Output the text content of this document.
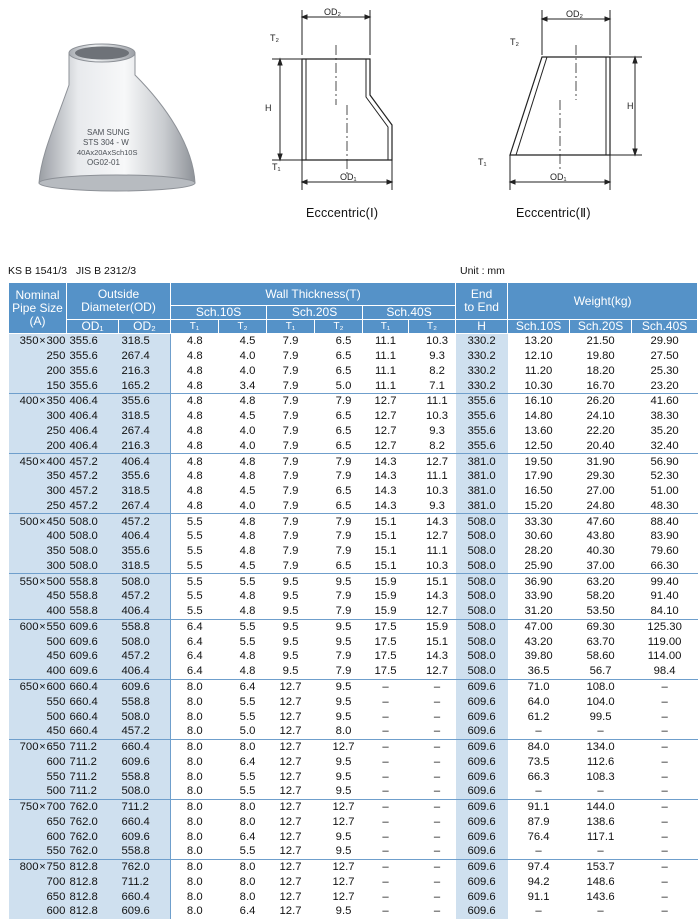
SAM SUNG
STS 304 - W
40Ax20AxSch10S
OG02-01
OD₂
T₂
H
T₁
OD₁
Ecccentric(Ⅰ)
OD₂
T₂
H
T₁
OD₁
Ecccentric(Ⅱ)
KS B 1541/3 JIS B 2312/3	Unit : mm
Nominal
Pipe Size
(A)	Outside
Diameter(OD)		Wall Thickness(T)						End
to End	Weight(kg)		
			Sch.10S		Sch.20S		Sch.40S					
	OD₁	OD₂	T₁	T₂	T₁	T₂	T₁	T₂	H	Sch.10S	Sch.20S	Sch.40S
350×300	355.6	318.5	4.8	4.5	7.9	6.5	11.1	10.3	330.2	13.20	21.50	29.90
250	355.6	267.4	4.8	4.0	7.9	6.5	11.1	9.3	330.2	12.10	19.80	27.50
200	355.6	216.3	4.8	4.0	7.9	6.5	11.1	8.2	330.2	11.20	18.20	25.30
150	355.6	165.2	4.8	3.4	7.9	5.0	11.1	7.1	330.2	10.30	16.70	23.20
400×350	406.4	355.6	4.8	4.8	7.9	7.9	12.7	11.1	355.6	16.10	26.20	41.60
300	406.4	318.5	4.8	4.5	7.9	6.5	12.7	10.3	355.6	14.80	24.10	38.30
250	406.4	267.4	4.8	4.0	7.9	6.5	12.7	9.3	355.6	13.60	22.20	35.20
200	406.4	216.3	4.8	4.0	7.9	6.5	12.7	8.2	355.6	12.50	20.40	32.40
450×400	457.2	406.4	4.8	4.8	7.9	7.9	14.3	12.7	381.0	19.50	31.90	56.90
350	457.2	355.6	4.8	4.8	7.9	7.9	14.3	11.1	381.0	17.90	29.30	52.30
300	457.2	318.5	4.8	4.5	7.9	6.5	14.3	10.3	381.0	16.50	27.00	51.00
250	457.2	267.4	4.8	4.0	7.9	6.5	14.3	9.3	381.0	15.20	24.80	48.30
500×450	508.0	457.2	5.5	4.8	7.9	7.9	15.1	14.3	508.0	33.30	47.60	88.40
400	508.0	406.4	5.5	4.8	7.9	7.9	15.1	12.7	508.0	30.60	43.80	83.90
350	508.0	355.6	5.5	4.8	7.9	7.9	15.1	11.1	508.0	28.20	40.30	79.60
300	508.0	318.5	5.5	4.5	7.9	6.5	15.1	10.3	508.0	25.90	37.00	66.30
550×500	558.8	508.0	5.5	5.5	9.5	9.5	15.9	15.1	508.0	36.90	63.20	99.40
450	558.8	457.2	5.5	4.8	9.5	7.9	15.9	14.3	508.0	33.90	58.20	91.40
400	558.8	406.4	5.5	4.8	9.5	7.9	15.9	12.7	508.0	31.20	53.50	84.10
600×550	609.6	558.8	6.4	5.5	9.5	9.5	17.5	15.9	508.0	47.00	69.30	125.30
500	609.6	508.0	6.4	5.5	9.5	9.5	17.5	15.1	508.0	43.20	63.70	119.00
450	609.6	457.2	6.4	4.8	9.5	7.9	17.5	14.3	508.0	39.80	58.60	114.00
400	609.6	406.4	6.4	4.8	9.5	7.9	17.5	12.7	508.0	36.5	56.7	98.4
650×600	660.4	609.6	8.0	6.4	12.7	9.5	–	–	609.6	71.0	108.0	–
550	660.4	558.8	8.0	5.5	12.7	9.5	–	–	609.6	64.0	104.0	–
500	660.4	508.0	8.0	5.5	12.7	9.5	–	–	609.6	61.2	99.5	–
450	660.4	457.2	8.0	5.0	12.7	8.0	–	–	609.6	–	–	–
700×650	711.2	660.4	8.0	8.0	12.7	12.7	–	–	609.6	84.0	134.0	–
600	711.2	609.6	8.0	6.4	12.7	9.5	–	–	609.6	73.5	112.6	–
550	711.2	558.8	8.0	5.5	12.7	9.5	–	–	609.6	66.3	108.3	–
500	711.2	508.0	8.0	5.5	12.7	9.5	–	–	609.6	–	–	–
750×700	762.0	711.2	8.0	8.0	12.7	12.7	–	–	609.6	91.1	144.0	–
650	762.0	660.4	8.0	8.0	12.7	12.7	–	–	609.6	87.9	138.6	–
600	762.0	609.6	8.0	6.4	12.7	9.5	–	–	609.6	76.4	117.1	–
550	762.0	558.8	8.0	5.5	12.7	9.5	–	–	609.6	–	–	–
800×750	812.8	762.0	8.0	8.0	12.7	12.7	–	–	609.6	97.4	153.7	–
700	812.8	711.2	8.0	8.0	12.7	12.7	–	–	609.6	94.2	148.6	–
650	812.8	660.4	8.0	8.0	12.7	12.7	–	–	609.6	91.1	143.6	–
600	812.8	609.6	8.0	6.4	12.7	9.5	–	–	609.6	–	–	–
